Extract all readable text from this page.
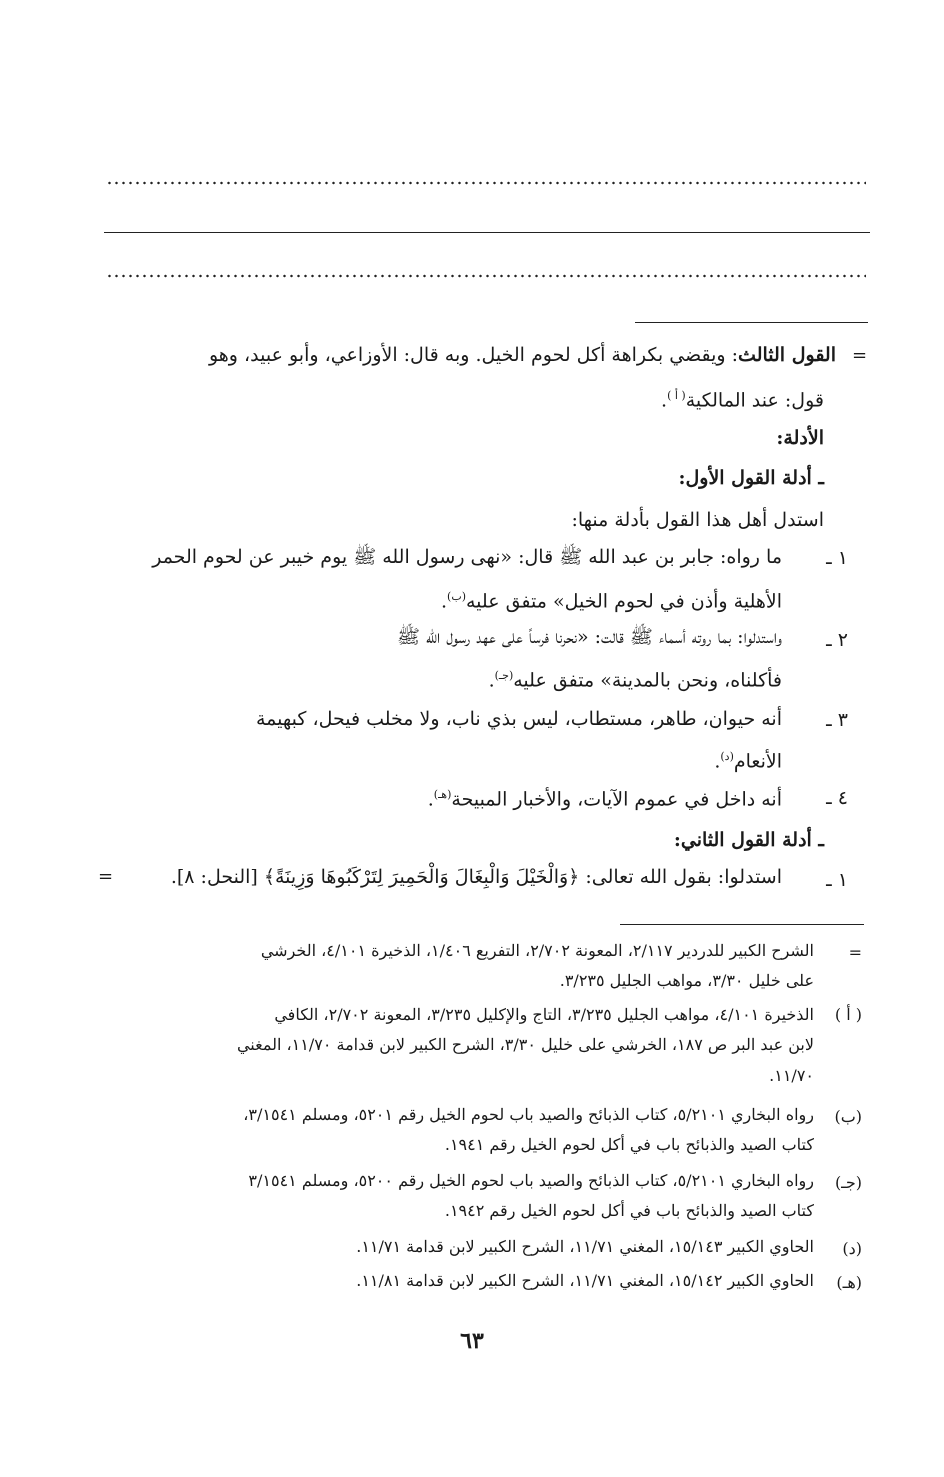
=
القول الثالث: ويقضي بكراهة أكل لحوم الخيل. وبه قال: الأوزاعي، وأبو عبيد، وهو
قول: عند المالكية$^{( أ )}$.
الأدلة:
ـ أدلة القول الأول:
استدل أهل هذا القول بأدلة منها:
١ ـ
ما رواه: جابر بن عبد الله ﷺ قال: «نهى رسول الله ﷺ يوم خيبر عن لحوم الحمر
الأهلية وأذن في لحوم الخيل» متفق عليه$^{(ب)}$.
٢ ـ
واستدلوا: بما روته أسماء ﷺ قالت: «نحرنا فرساً على عهد رسول الله ﷺ
فأكلناه، ونحن بالمدينة» متفق عليه$^{(جـ)}$.
٣ ـ
أنه حيوان، طاهر، مستطاب، ليس بذي ناب، ولا مخلب فيحل، كبهيمة
الأنعام$^{(د)}$.
٤ ـ
أنه داخل في عموم الآيات، والأخبار المبيحة$^{(هـ)}$.
ـ أدلة القول الثاني:
١ ـ
استدلوا: بقول الله تعالى: ﴿وَالْخَيْلَ وَالْبِغَالَ وَالْحَمِيرَ لِتَرْكَبُوهَا وَزِينَةً﴾ [النحل: ٨].
=
=
الشرح الكبير للدردير ٢/١١٧، المعونة ٢/٧٠٢، التفريع ١/٤٠٦، الذخيرة ٤/١٠١، الخرشي
على خليل ٣/٣٠، مواهب الجليل ٣/٢٣٥.
( أ )
الذخيرة ٤/١٠١، مواهب الجليل ٣/٢٣٥، التاج والإكليل ٣/٢٣٥، المعونة ٢/٧٠٢، الكافي
لابن عبد البر ص ١٨٧، الخرشي على خليل ٣/٣٠، الشرح الكبير لابن قدامة ١١/٧٠، المغني
١١/٧٠.
(ب)
رواه البخاري ٥/٢١٠١، كتاب الذبائح والصيد باب لحوم الخيل رقم ٥٢٠١، ومسلم ٣/١٥٤١،
كتاب الصيد والذبائح باب في أكل لحوم الخيل رقم ١٩٤١.
(جـ)
رواه البخاري ٥/٢١٠١، كتاب الذبائح والصيد باب لحوم الخيل رقم ٥٢٠٠، ومسلم ٣/١٥٤١
كتاب الصيد والذبائح باب في أكل لحوم الخيل رقم ١٩٤٢.
(د)
الحاوي الكبير ١٥/١٤٣، المغني ١١/٧١، الشرح الكبير لابن قدامة ١١/٧١.
(هـ)
الحاوي الكبير ١٥/١٤٢، المغني ١١/٧١، الشرح الكبير لابن قدامة ١١/٨١.
٦٣
